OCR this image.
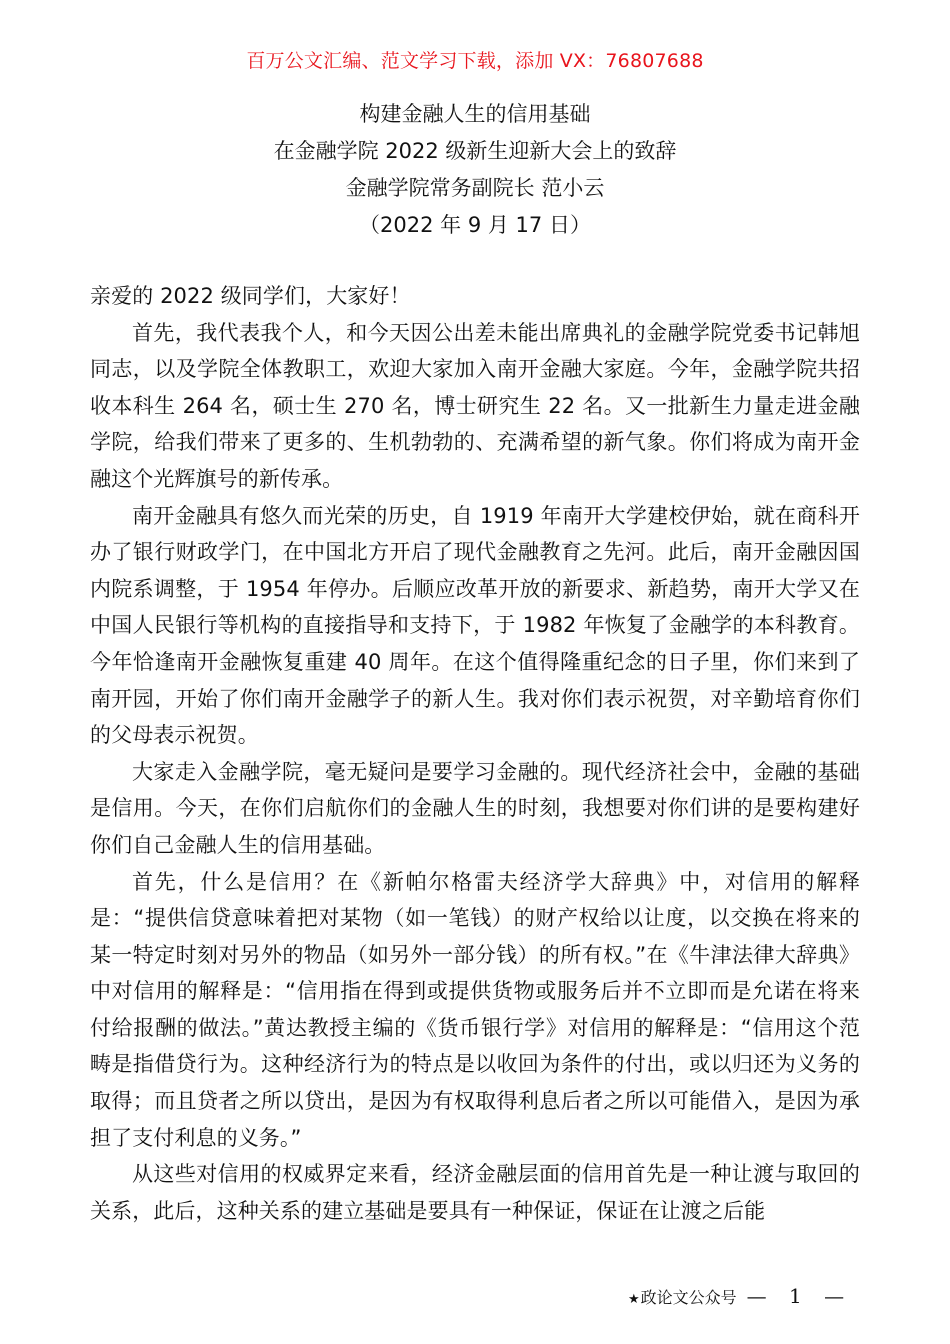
百万公文汇编、范文学习下载，添加 VX：76807688
构建金融人生的信用基础
在金融学院 2022 级新生迎新大会上的致辞
金融学院常务副院长 范小云
（2022 年 9 月 17 日）

亲爱的 2022 级同学们，大家好！

首先，我代表我个人，和今天因公出差未能出席典礼的金融学院党委书记韩旭同志，以及学院全体教职工，欢迎大家加入南开金融大家庭。今年，金融学院共招收本科生 264 名，硕士生 270 名，博士研究生 22 名。又一批新生力量走进金融学院，给我们带来了更多的、生机勃勃的、充满希望的新气象。你们将成为南开金融这个光辉旗号的新传承。

南开金融具有悠久而光荣的历史，自 1919 年南开大学建校伊始，就在商科开办了银行财政学门，在中国北方开启了现代金融教育之先河。此后，南开金融因国内院系调整，于 1954 年停办。后顺应改革开放的新要求、新趋势，南开大学又在中国人民银行等机构的直接指导和支持下，于 1982 年恢复了金融学的本科教育。今年恰逢南开金融恢复重建 40 周年。在这个值得隆重纪念的日子里，你们来到了南开园，开始了你们南开金融学子的新人生。我对你们表示祝贺，对辛勤培育你们的父母表示祝贺。

大家走入金融学院，毫无疑问是要学习金融的。现代经济社会中，金融的基础是信用。今天，在你们启航你们的金融人生的时刻，我想要对你们讲的是要构建好你们自己金融人生的信用基础。

首先，什么是信用？在《新帕尔格雷夫经济学大辞典》中，对信用的解释是：“提供信贷意味着把对某物（如一笔钱）的财产权给以让度，以交换在将来的某一特定时刻对另外的物品（如另外一部分钱）的所有权。”在《牛津法律大辞典》中对信用的解释是：“信用指在得到或提供货物或服务后并不立即而是允诺在将来付给报酬的做法。”黄达教授主编的《货币银行学》对信用的解释是：“信用这个范畴是指借贷行为。这种经济行为的特点是以收回为条件的付出，或以归还为义务的取得；而且贷者之所以贷出，是因为有权取得利息后者之所以可能借入，是因为承担了支付利息的义务。”

从这些对信用的权威界定来看，经济金融层面的信用首先是一种让渡与取回的关系，此后，这种关系的建立基础是要具有一种保证，保证在让渡之后能

★政论文公众号 — 1 —
